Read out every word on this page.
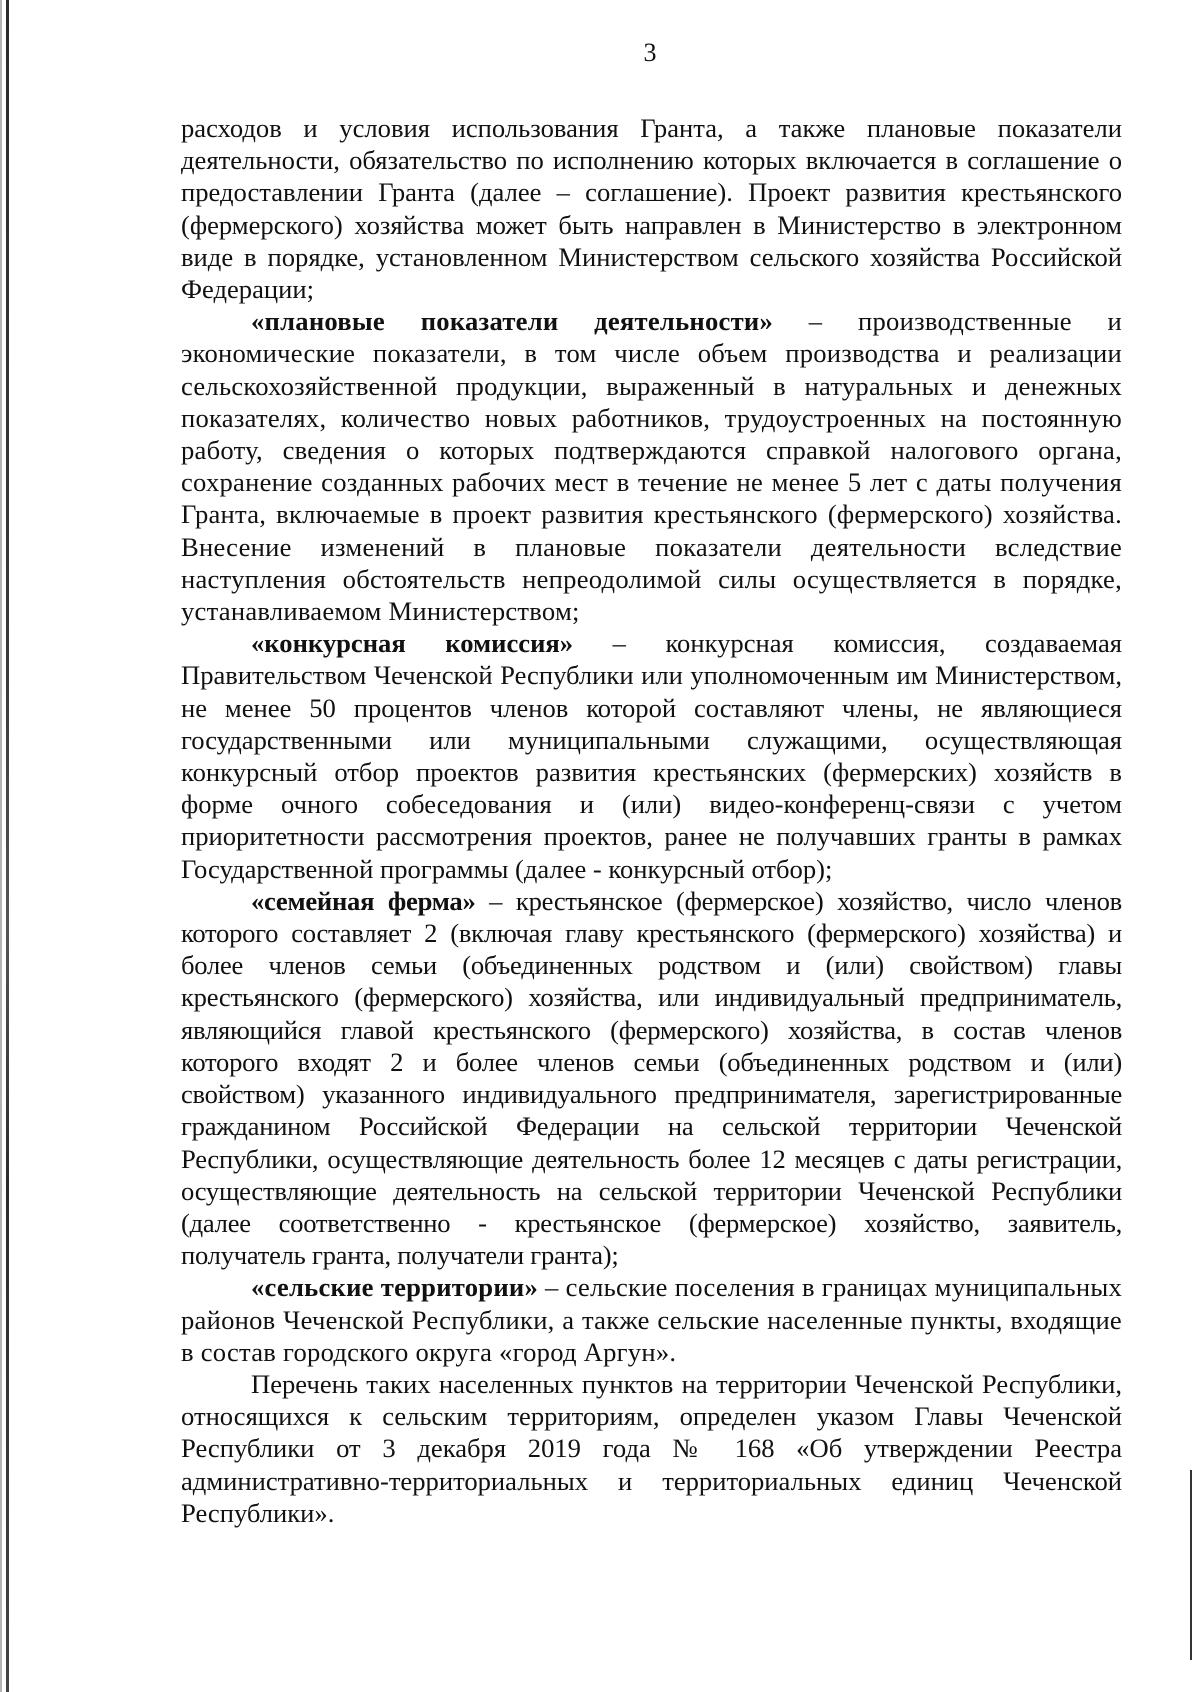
3

расходов и условия использования Гранта, а также плановые показатели деятельности, обязательство по исполнению которых включается в соглашение о предоставлении Гранта (далее – соглашение). Проект развития крестьянского (фермерского) хозяйства может быть направлен в Министерство в электронном виде в порядке, установленном Министерством сельского хозяйства Российской Федерации;

«плановые показатели деятельности» – производственные и экономические показатели, в том числе объем производства и реализации сельскохозяйственной продукции, выраженный в натуральных и денежных показателях, количество новых работников, трудоустроенных на постоянную работу, сведения о которых подтверждаются справкой налогового органа, сохранение созданных рабочих мест в течение не менее 5 лет с даты получения Гранта, включаемые в проект развития крестьянского (фермерского) хозяйства. Внесение изменений в плановые показатели деятельности вследствие наступления обстоятельств непреодолимой силы осуществляется в порядке, устанавливаемом Министерством;

«конкурсная комиссия» – конкурсная комиссия, создаваемая Правительством Чеченской Республики или уполномоченным им Министерством, не менее 50 процентов членов которой составляют члены, не являющиеся государственными или муниципальными служащими, осуществляющая конкурсный отбор проектов развития крестьянских (фермерских) хозяйств в форме очного собеседования и (или) видео-конференц-связи с учетом приоритетности рассмотрения проектов, ранее не получавших гранты в рамках Государственной программы (далее - конкурсный отбор);

«семейная ферма» – крестьянское (фермерское) хозяйство, число членов которого составляет 2 (включая главу крестьянского (фермерского) хозяйства) и более членов семьи (объединенных родством и (или) свойством) главы крестьянского (фермерского) хозяйства, или индивидуальный предприниматель, являющийся главой крестьянского (фермерского) хозяйства, в состав членов которого входят 2 и более членов семьи (объединенных родством и (или) свойством) указанного индивидуального предпринимателя, зарегистрированные гражданином Российской Федерации на сельской территории Чеченской Республики, осуществляющие деятельность более 12 месяцев с даты регистрации, осуществляющие деятельность на сельской территории Чеченской Республики (далее соответственно - крестьянское (фермерское) хозяйство, заявитель, получатель гранта, получатели гранта);

«сельские территории» – сельские поселения в границах муниципальных районов Чеченской Республики, а также сельские населенные пункты, входящие в состав городского округа «город Аргун».

Перечень таких населенных пунктов на территории Чеченской Республики, относящихся к сельским территориям, определен указом Главы Чеченской Республики от 3 декабря 2019 года № 168 «Об утверждении Реестра административно-территориальных и территориальных единиц Чеченской Республики».
